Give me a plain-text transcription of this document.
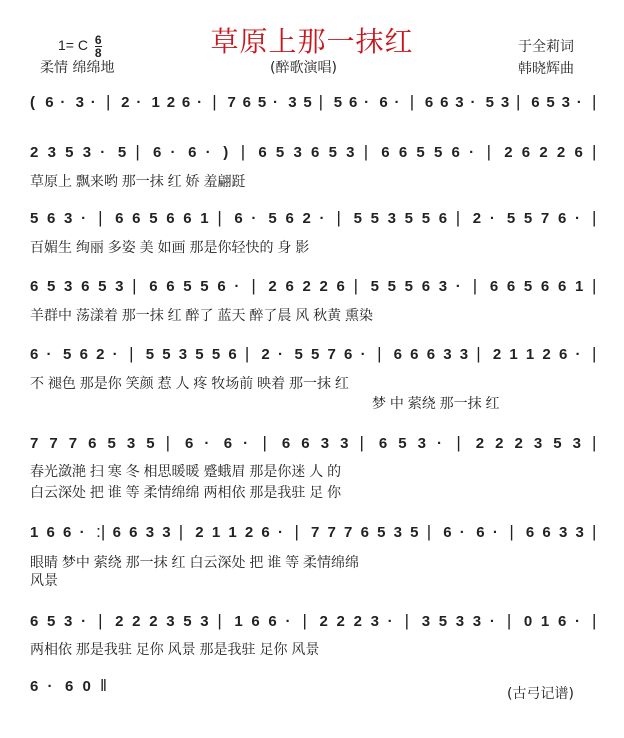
1= C $\frac{6}{8}$
柔情 绵绵地
草原上那一抹红
(醉歌演唱)
于全莉词
韩晓辉曲
( 6 · 3 · | 2 · 1 2 6 · | 7 6 5 · 3 5 | 5 6 · 6 · | 6 6 3 · 5 3 | 6 5 3 · |
2 3 5 3 · 5 | 6 · 6 · ) | 6 5 3 6 5 3 | 6 6 5 5 6 · | 2 6 2 2 6 |
草原上 飘来哟 那一抹 红 娇 羞翩跹
5 6 3 · | 6 6 5 6 6 1 | 6 · 5 6 2 · | 5 5 3 5 5 6 | 2 · 5 5 7 6 · |
百媚生 绚丽 多姿 美 如画 那是你轻快的 身 影
6 5 3 6 5 3 | 6 6 5 5 6 · | 2 6 2 2 6 | 5 5 5 6 3 · | 6 6 5 6 6 1 |
羊群中 荡漾着 那一抹 红 醉了 蓝天 醉了晨 风 秋黄 熏染
6 · 5 6 2 · | 5 5 3 5 5 6 | 2 · 5 5 7 6 · | 6 6 6 3 3 | 2 1 1 2 6 · |
不 褪色 那是你 笑颜 惹 人 疼 牧场前 映着 那一抹 红
梦 中 萦绕 那一抹 红
7 7 7 6 5 3 5 | 6 · 6 · | 6 6 3 3 | 6 5 3 · | 2 2 2 3 5 3 |
春光潋滟 扫 寒 冬 相思暖暖 蹙蛾眉 那是你迷 人 的
白云深处 把 谁 等 柔情绵绵 两相依 那是我驻 足 你
1 6 6 · :| 6 6 3 3 | 2 1 1 2 6 · | 7 7 7 6 5 3 5 | 6 · 6 · | 6 6 3 3 |
眼睛 梦中 萦绕 那一抹 红 白云深处 把 谁 等 柔情绵绵
风景
6 5 3 · | 2 2 2 3 5 3 | 1 6 6 · | 2 2 2 3 · | 3 5 3 3 · | 0 1 6 · |
两相依 那是我驻 足你 风景 那是我驻 足你 风景
6 · 6 0 ‖	(古弓记谱)
